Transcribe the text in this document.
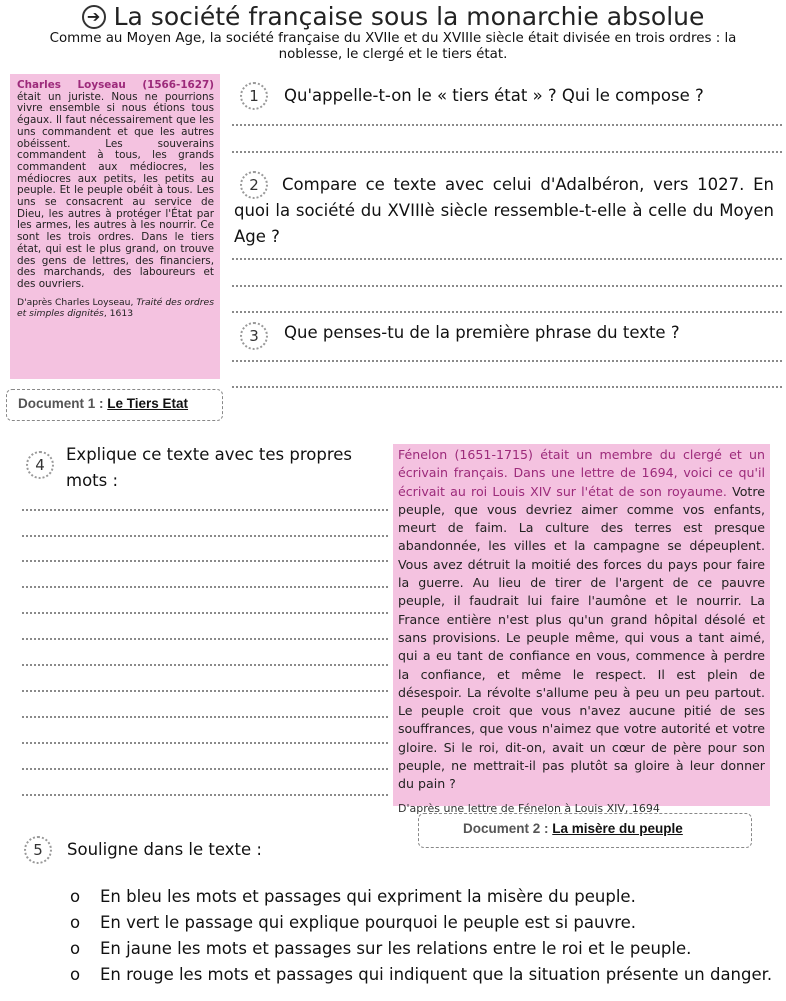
➔ La société française sous la monarchie absolue
Comme au Moyen Age, la société française du XVIIe et du XVIIIe siècle était divisée en trois ordres : la noblesse, le clergé et le tiers état.
Charles Loyseau (1566-1627) était un juriste. Nous ne pourrions vivre ensemble si nous étions tous égaux. Il faut nécessairement que les uns commandent et que les autres obéissent. Les souverains commandent à tous, les grands commandent aux médiocres, les médiocres aux petits, les petits au peuple. Et le peuple obéit à tous. Les uns se consacrent au service de Dieu, les autres à protéger l'État par les armes, les autres à les nourrir. Ce sont les trois ordres. Dans le tiers état, qui est le plus grand, on trouve des gens de lettres, des financiers, des marchands, des laboureurs et des ouvriers.
D'après Charles Loyseau, Traité des ordres et simples dignités, 1613
Document 1 : Le Tiers Etat
1	Qu'appelle-t-on le « tiers état » ? Qui le compose ?
2	Compare ce texte avec celui d'Adalbéron, vers 1027. En quoi la société du XVIIIè siècle ressemble-t-elle à celle du Moyen Age ?
3	Que penses-tu de la première phrase du texte ?
4
Explique ce texte avec tes propres mots :
Fénelon (1651-1715) était un membre du clergé et un écrivain français. Dans une lettre de 1694, voici ce qu'il écrivait au roi Louis XIV sur l'état de son royaume. Votre peuple, que vous devriez aimer comme vos enfants, meurt de faim. La culture des terres est presque abandonnée, les villes et la campagne se dépeuplent. Vous avez détruit la moitié des forces du pays pour faire la guerre. Au lieu de tirer de l'argent de ce pauvre peuple, il faudrait lui faire l'aumône et le nourrir. La France entière n'est plus qu'un grand hôpital désolé et sans provisions. Le peuple même, qui vous a tant aimé, qui a eu tant de confiance en vous, commence à perdre la confiance, et même le respect. Il est plein de désespoir. La révolte s'allume peu à peu un peu partout. Le peuple croit que vous n'avez aucune pitié de ses souffrances, que vous n'aimez que votre autorité et votre gloire. Si le roi, dit-on, avait un cœur de père pour son peuple, ne mettrait-il pas plutôt sa gloire à leur donner du pain ?
D'après une lettre de Fénelon à Louis XIV, 1694
Document 2 : La misère du peuple
5	Souligne dans le texte :
o En bleu les mots et passages qui expriment la misère du peuple.
o En vert le passage qui explique pourquoi le peuple est si pauvre.
o En jaune les mots et passages sur les relations entre le roi et le peuple.
o En rouge les mots et passages qui indiquent que la situation présente un danger.
